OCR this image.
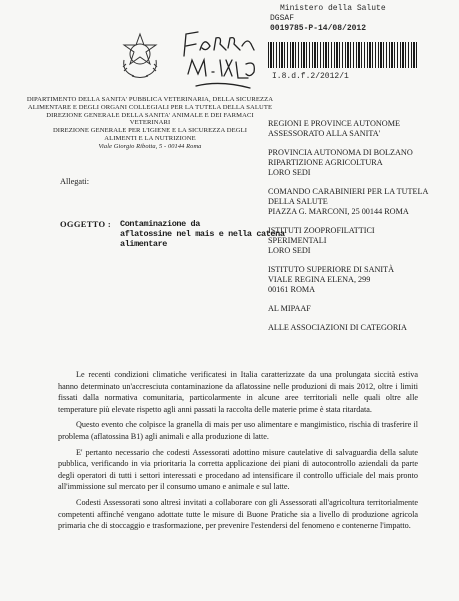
Ministero della Salute
DGSAF
0019785-P-14/08/2012
I.8.d.f.2/2012/1
DIPARTIMENTO DELLA SANITA' PUBBLICA VETERINARIA, DELLA SICUREZZA
ALIMENTARE E DEGLI ORGANI COLLEGIALI PER LA TUTELA DELLA SALUTE
DIREZIONE GENERALE DELLA SANITA' ANIMALE E DEI FARMACI
VETERINARI
DIREZIONE GENERALE PER L'IGIENE E LA SICUREZZA DEGLI
ALIMENTI E LA NUTRIZIONE
Viale Giorgio Ribotta, 5 - 00144 Roma
REGIONI E PROVINCE AUTONOME
ASSESSORATO ALLA SANITA'
PROVINCIA AUTONOMA DI BOLZANO
RIPARTIZIONE AGRICOLTURA
LORO SEDI
COMANDO CARABINIERI PER LA TUTELA
DELLA SALUTE
PIAZZA G. MARCONI, 25 00144 ROMA
ISTITUTI ZOOPROFILATTICI
SPERIMENTALI
LORO SEDI
ISTITUTO SUPERIORE DI SANITÀ
VIALE REGINA ELENA, 299
00161 ROMA
AL MIPAAF
ALLE ASSOCIAZIONI DI CATEGORIA
Allegati:
OGGETTO : Contaminazione da
aflatossine nel mais e nella catena
alimentare

Le recenti condizioni climatiche verificatesi in Italia caratterizzate da una prolungata siccità estiva hanno determinato un'accresciuta contaminazione da aflatossine nelle produzioni di mais 2012, oltre i limiti fissati dalla normativa comunitaria, particolarmente in alcune aree territoriali nelle quali oltre alle temperature più elevate rispetto agli anni passati la raccolta delle materie prime è stata ritardata.

Questo evento che colpisce la granella di mais per uso alimentare e mangimistico, rischia di trasferire il problema (aflatossina B1) agli animali e alla produzione di latte.

E' pertanto necessario che codesti Assessorati adottino misure cautelative di salvaguardia della salute pubblica, verificando in via prioritaria la corretta applicazione dei piani di autocontrollo aziendali da parte degli operatori di tutti i settori interessati e procedano ad intensificare il controllo ufficiale del mais pronto all'immissione sul mercato per il consumo umano e animale e sul latte.

Codesti Assessorati sono altresì invitati a collaborare con gli Assessorati all'agricoltura territorialmente competenti affinché vengano adottate tutte le misure di Buone Pratiche sia a livello di produzione agricola primaria che di stoccaggio e trasformazione, per prevenire l'estendersi del fenomeno e contenerne l'impatto.
